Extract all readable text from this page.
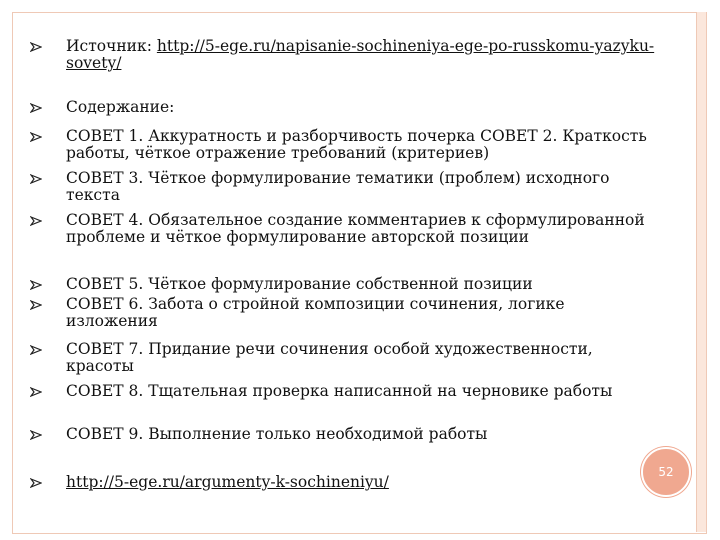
Источник: http://5-ege.ru/napisanie-sochineniya-ege-po-russkomu-yazyku-sovety/
Содержание:
СОВЕТ 1. Аккуратность и разборчивость почерка СОВЕТ 2. Краткость работы, чёткое отражение требований (критериев)
СОВЕТ 3. Чёткое формулирование тематики (проблем) исходного текста
СОВЕТ 4. Обязательное создание комментариев к сформулированной проблеме и чёткое формулирование авторской позиции
СОВЕТ 5. Чёткое формулирование собственной позиции
СОВЕТ 6. Забота о стройной композиции сочинения, логике изложения
СОВЕТ 7. Придание речи сочинения особой художественности, красоты
СОВЕТ 8. Тщательная проверка написанной на черновике работы
СОВЕТ 9. Выполнение только необходимой работы
http://5-ege.ru/argumenty-k-sochineniyu/
52
